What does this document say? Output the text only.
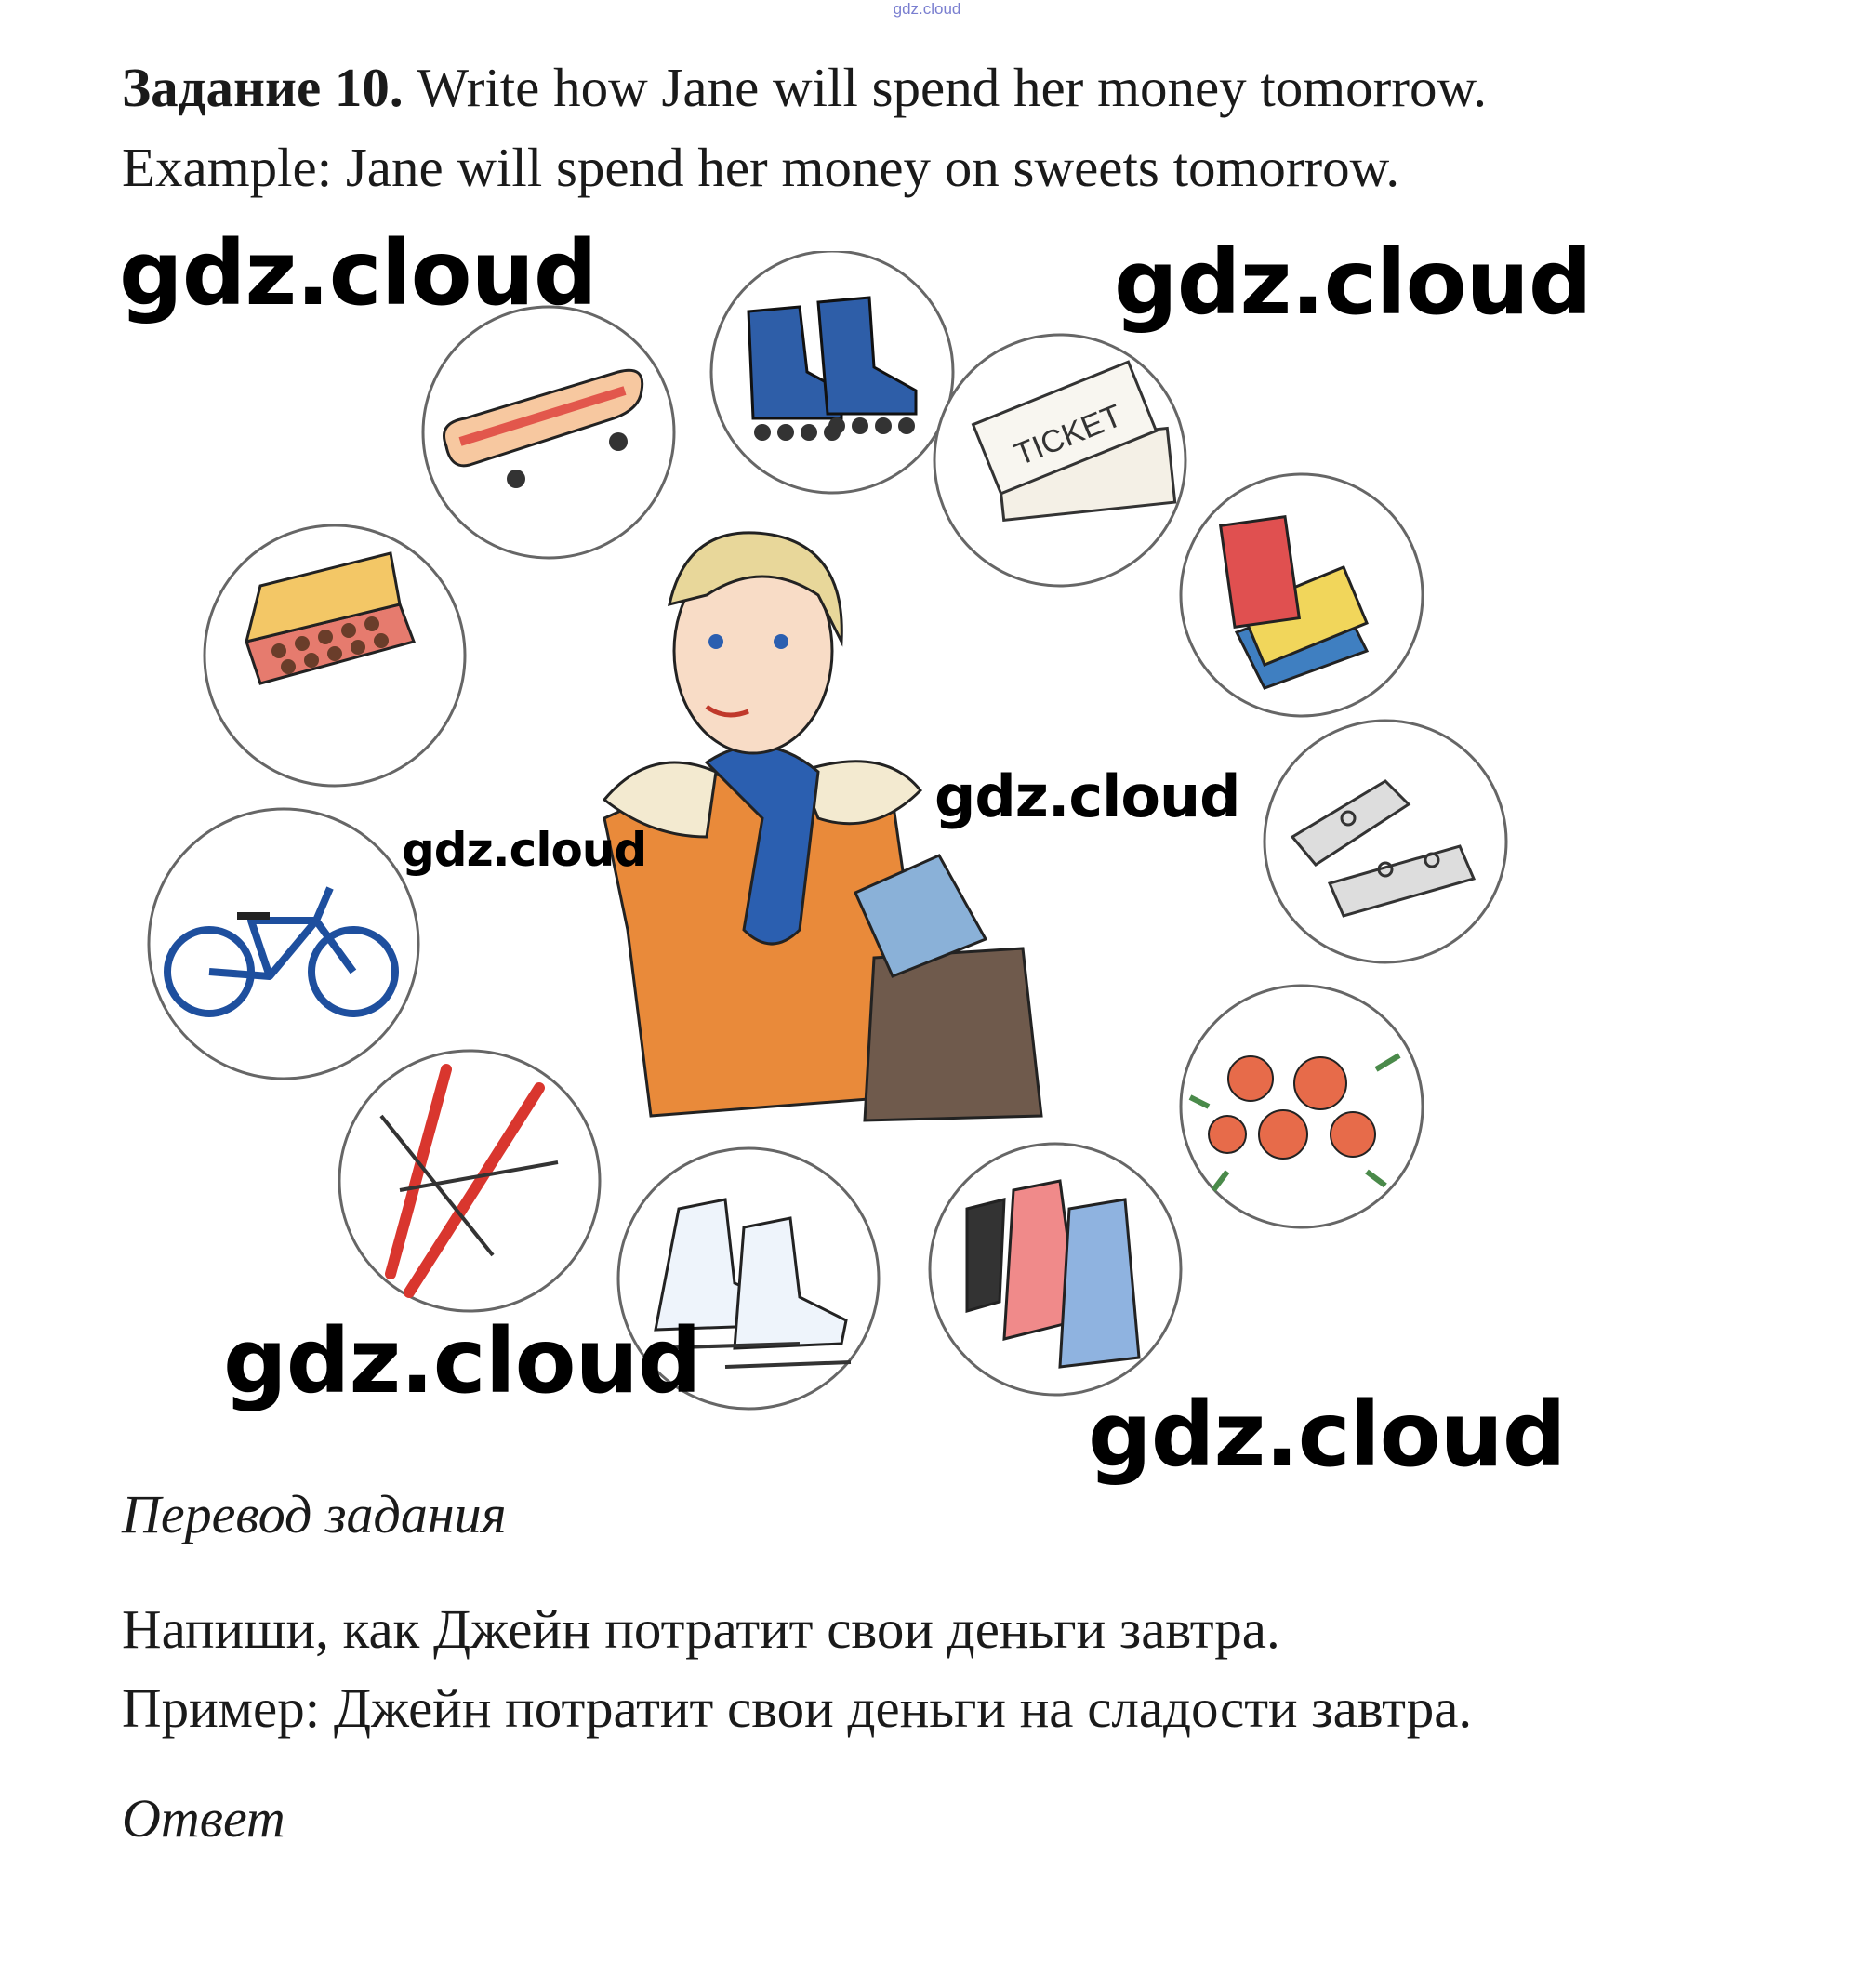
gdz.cloud
Задание 10. Write how Jane will spend her money tomorrow.
Example: Jane will spend her money on sweets tomorrow.
TICKET
gdz.cloud	gdz.cloud
gdz.cloud
gdz.cloud
gdz.cloud
gdz.cloud
Перевод задания
Напиши, как Джейн потратит свои деньги завтра.
Пример: Джейн потратит свои деньги на сладости завтра.
Ответ
